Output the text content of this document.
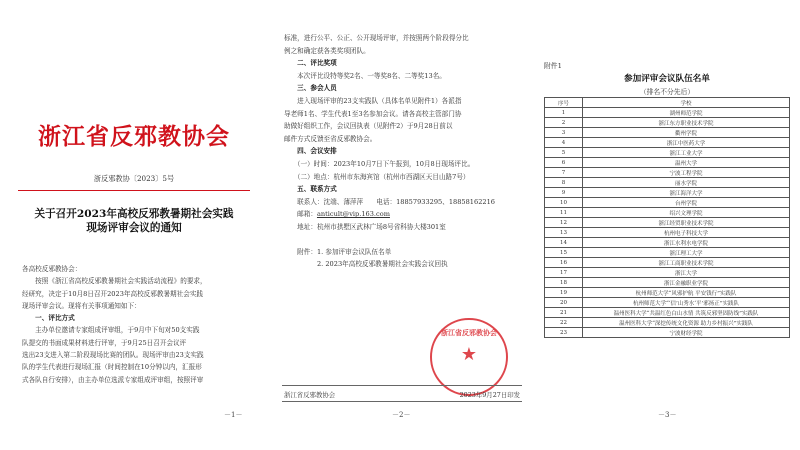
浙江省反邪教协会
浙反邪教协〔2023〕5号
关于召开2023年高校反邪教暑期社会实践
现场评审会议的通知
各高校反邪教协会：
　　按照《浙江省高校反邪教暑期社会实践活动流程》的要求，
经研究，决定于10月8日召开2023年高校反邪教暑期社会实践
现场评审会议。现将有关事项通知如下：
　　一、评比方式
　　主办单位邀请专家组成评审组，于9月中下旬对50支实践
队提交的书面成果材料进行评审，于9月25日召开会议评
选出23支进入第二阶段现场比赛的团队。现场评审由23支实践
队的学生代表进行现场汇报（时间控制在10分钟以内，汇报形
式各队自行安排），由主办单位选派专家组成评审组，按照评审
－1－
标准，进行公平、公正、公开现场评审，并按照两个阶段得分比
例之和确定获各类奖项团队。
　　二、评比奖项
　　本次评比设特等奖2名、一等奖8名、二等奖13名。
　　三、参会人员
　　进入现场评审的23支实践队（具体名单见附件1）各派指
导老师1名、学生代表1至3名参加会议。请各高校主管部门协
助做好组织工作，会议回执表（见附件2）于9月28日前以
邮件方式反馈至省反邪教协会。
　　四、会议安排
　　（一）时间：2023年10月7日下午报到，10月8日现场评比。
　　（二）地点：杭州市东海宾馆（杭州市西湖区天目山路7号）
　　五、联系方式
　　联系人：沈端、薄萍萍　　电话：18857933295、18858162216
　　邮箱：anticult@vip.163.com
　　地址：杭州市拱墅区武林广场8号省科协大楼301室
　　附件：1. 参加评审会议队伍名单
　　　　　2. 2023年高校反邪教暑期社会实践会议回执
浙江省反邪教协会
★
浙江省反邪教协会	2023年9月27日印发
－2－
附件1
参加评审会议队伍名单
（排名不分先后）
序号	学校
1	湖州师范学院
2	浙江东方职业技术学院
3	衢州学院
4	浙江中医药大学
5	浙江工业大学
6	温州大学
7	宁波工程学院
8	丽水学院
9	浙江海洋大学
10	台州学院
11	绍兴文理学院
12	浙江经贸职业技术学院
13	杭州电子科技大学
14	浙江水利水电学院
15	浙江理工大学
16	浙江工商职业技术学院
17	浙江大学
18	浙江金融职业学院
19	杭州师范大学“风邪护航 平安钱行”实践队
20	杭州师范大学“‘信’山秀水‘平’邪扬正”实践队
21	温州医科大学“共温红色白山水情 共筑反邪坚固防线”实践队
22	温州医科大学“深挖传统文化资源 助力乡村振兴”实践队
23	宁波财经学院
－3－
